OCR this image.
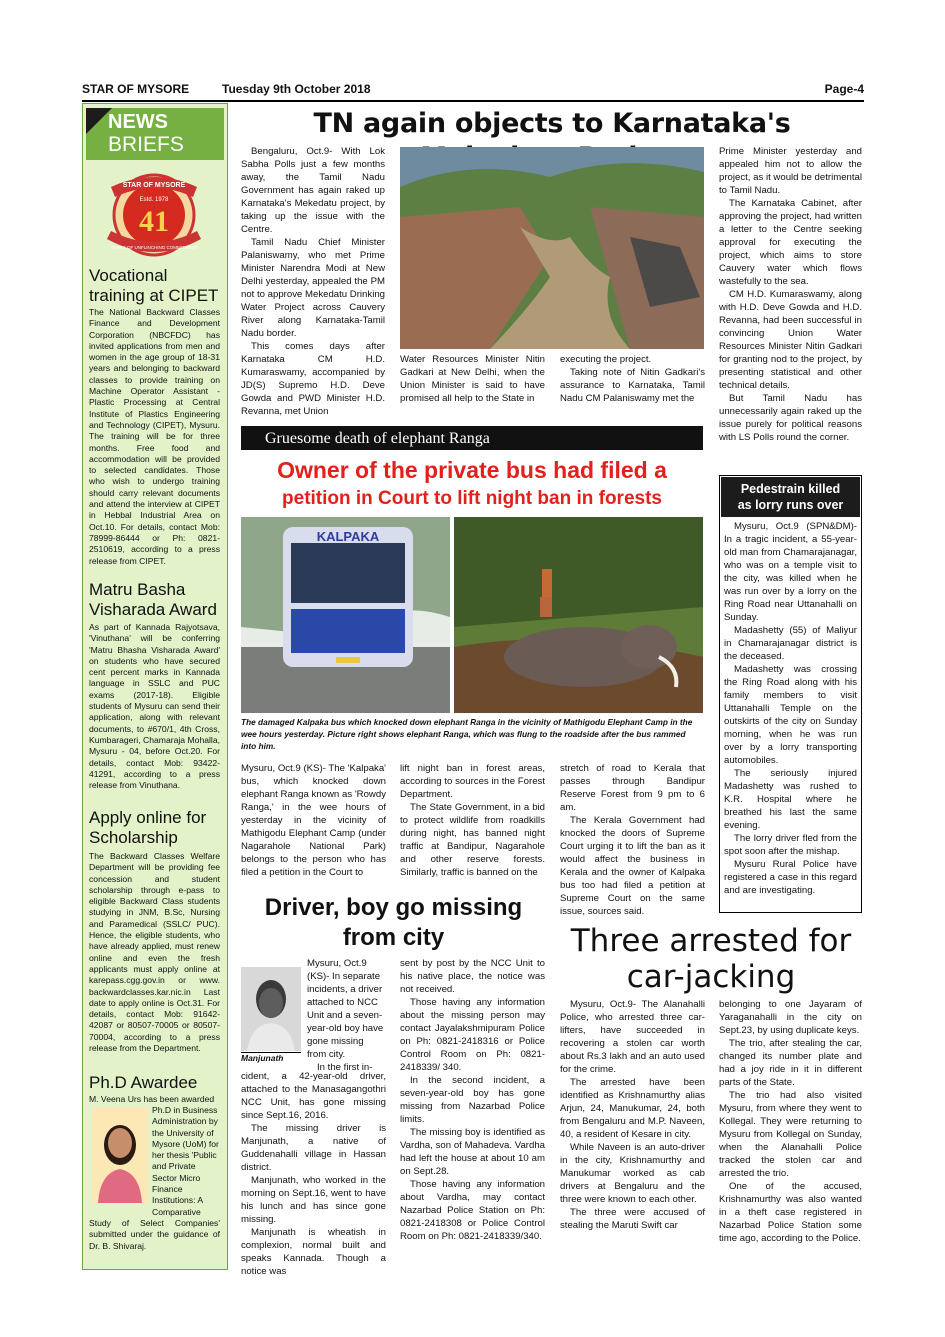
STAR OF MYSORE	Tuesday 9th October 2018	Page-4
NEWS
BRIEFS
STAR OF MYSORE
Estd. 1978
41
YEARS OF UNFLINCHING COMMITMENT
Vocational training at CIPET
The National Backward Classes Finance and Development Corporation (NBCFDC) has invited applications from men and women in the age group of 18-31 years and belonging to backward classes to provide training on Machine Operator Assistant - Plastic Processing at Central Institute of Plastics Engineering and Technology (CIPET), Mysuru. The training will be for three months. Free food and accommodation will be provided to selected candidates. Those who wish to undergo training should carry relevant documents and attend the interview at CIPET in Hebbal Industrial Area on Oct.10. For details, contact Mob: 78999-86444 or Ph: 0821-2510619, according to a press release from CIPET.
Matru Basha Visharada Award
As part of Kannada Rajyotsava, 'Vinuthana' will be conferring 'Matru Bhasha Visharada Award' on students who have secured cent percent marks in Kannada language in SSLC and PUC exams (2017-18). Eligible students of Mysuru can send their application, along with relevant documents, to #670/1, 4th Cross, Kumbarageri, Chamaraja Mohalla, Mysuru - 04, before Oct.20. For details, contact Mob: 93422-41291, according to a press release from Vinuthana.
Apply online for Scholarship
The Backward Classes Welfare Department will be providing fee concession and student scholarship through e-pass to eligible Backward Class students studying in JNM, B.Sc, Nursing and Paramedical (SSLC/ PUC). Hence, the eligible students, who have already applied, must renew online and even the fresh applicants must apply online at karepass.cgg.gov.in or www. backwardclasses.kar.nic.in Last date to apply online is Oct.31. For details, contact Mob: 91642-42087 or 80507-70005 or 80507-70004, according to a press release from the Department.
Ph.D Awardee
M. Veena Urs has been awarded
Ph.D in Business Administration by the University of Mysore (UoM) for her thesis 'Public and Private Sector Micro Finance Institutions: A Comparative
Study of Select Companies' submitted under the guidance of Dr. B. Shivaraj.
TN again objects to Karnataka's

Bengaluru, Oct.9- With Lok Sabha Polls just a few months away, the Tamil Nadu Government has again raked up Karnataka's Mekedatu project, by taking up the issue with the Centre.

Tamil Nadu Chief Minister Palaniswamy, who met Prime Minister Narendra Modi at New Delhi yesterday, appealed the PM not to approve Mekedatu Drinking Water Project across Cauvery River along Karnataka-Tamil Nadu border.

This comes days after Karnataka CM H.D. Kumaraswamy, accompanied by JD(S) Supremo H.D. Deve Gowda and PWD Minister H.D. Revanna, met Union

Water Resources Minister Nitin Gadkari at New Delhi, when the Union Minister is said to have promised all help to the State in

executing the project.

Taking note of Nitin Gadkari's assurance to Karnataka, Tamil Nadu CM Palaniswamy met the

Prime Minister yesterday and appealed him not to allow the project, as it would be detrimental to Tamil Nadu.

The Karnataka Cabinet, after approving the project, had written a letter to the Centre seeking approval for executing the project, which aims to store Cauvery water which flows wastefully to the sea.

CM H.D. Kumaraswamy, along with H.D. Deve Gowda and H.D. Revanna, had been successful in convincing Union Water Resources Minister Nitin Gadkari for granting nod to the project, by presenting statistical and other technical details.

But Tamil Nadu has unnecessarily again raked up the issue purely for political reasons with LS Polls round the corner.

Gruesome death of elephant Ranga
Owner of the private bus had filed a
petition in Court to lift night ban in forests
KALPAKA
The damaged Kalpaka bus which knocked down elephant Ranga in the vicinity of Mathigodu Elephant Camp in the wee hours yesterday. Picture right shows elephant Ranga, which was flung to the roadside after the bus rammed into him.

Mysuru, Oct.9 (KS)- The 'Kalpaka' bus, which knocked down elephant Ranga known as 'Rowdy Ranga,' in the wee hours of yesterday in the vicinity of Mathigodu Elephant Camp (under Nagarahole National Park) belongs to the person who has filed a petition in the Court to

lift night ban in forest areas, according to sources in the Forest Department.

The State Government, in a bid to protect wildlife from roadkills during night, has banned night traffic at Bandipur, Nagarahole and other reserve forests. Similarly, traffic is banned on the

stretch of road to Kerala that passes through Bandipur Reserve Forest from 9 pm to 6 am.

The Kerala Government had knocked the doors of Supreme Court urging it to lift the ban as it would affect the business in Kerala and the owner of Kalpaka bus too had filed a petition at Supreme Court on the same issue, sources said.

Pedestrain killed
as lorry runs over

Mysuru, Oct.9 (SPN&DM)- In a tragic incident, a 55-year-old man from Chamarajanagar, who was on a temple visit to the city, was killed when he was run over by a lorry on the Ring Road near Uttanahalli on Sunday.

Madashetty (55) of Maliyur in Chamarajanagar district is the deceased.

Madashetty was crossing the Ring Road along with his family members to visit Uttanahalli Temple on the outskirts of the city on Sunday morning, when he was run over by a lorry transporting automobiles.

The seriously injured Madashetty was rushed to K.R. Hospital where he breathed his last the same evening.

The lorry driver fled from the spot soon after the mishap.

Mysuru Rural Police have registered a case in this regard and are investigating.

Driver, boy go missing
from city
Manjunath

Mysuru, Oct.9 (KS)- In separate incidents, a driver attached to NCC Unit and a seven-year-old boy have gone missing from city.

In the first in-

cident, a 42-year-old driver, attached to the Manasagangothri NCC Unit, has gone missing since Sept.16, 2016.

The missing driver is Manjunath, a native of Guddenahalli village in Hassan district.

Manjunath, who worked in the morning on Sept.16, went to have his lunch and has since gone missing.

Manjunath is wheatish in complexion, normal built and speaks Kannada. Though a notice was

sent by post by the NCC Unit to his native place, the notice was not received.

Those having any information about the missing person may contact Jayalakshmipuram Police on Ph: 0821-2418316 or Police Control Room on Ph: 0821-2418339/ 340.

In the second incident, a seven-year-old boy has gone missing from Nazarbad Police limits.

The missing boy is identified as Vardha, son of Mahadeva. Vardha had left the house at about 10 am on Sept.28.

Those having any information about Vardha, may contact Nazarbad Police Station on Ph: 0821-2418308 or Police Control Room on Ph: 0821-2418339/340.

Three arrested for
car-jacking

Mysuru, Oct.9- The Alanahalli Police, who arrested three car-lifters, have succeeded in recovering a stolen car worth about Rs.3 lakh and an auto used for the crime.

The arrested have been identified as Krishnamurthy alias Arjun, 24, Manukumar, 24, both from Bengaluru and M.P. Naveen, 40, a resident of Kesare in city.

While Naveen is an auto-driver in the city, Krishnamurthy and Manukumar worked as cab drivers at Bengaluru and the three were known to each other.

The three were accused of stealing the Maruti Swift car

belonging to one Jayaram of Yaraganahalli in the city on Sept.23, by using duplicate keys.

The trio, after stealing the car, changed its number plate and had a joy ride in it in different parts of the State.

The trio had also visited Mysuru, from where they went to Kollegal. They were returning to Mysuru from Kollegal on Sunday, when the Alanahalli Police tracked the stolen car and arrested the trio.

One of the accused, Krishnamurthy was also wanted in a theft case registered in Nazarbad Police Station some time ago, according to the Police.
